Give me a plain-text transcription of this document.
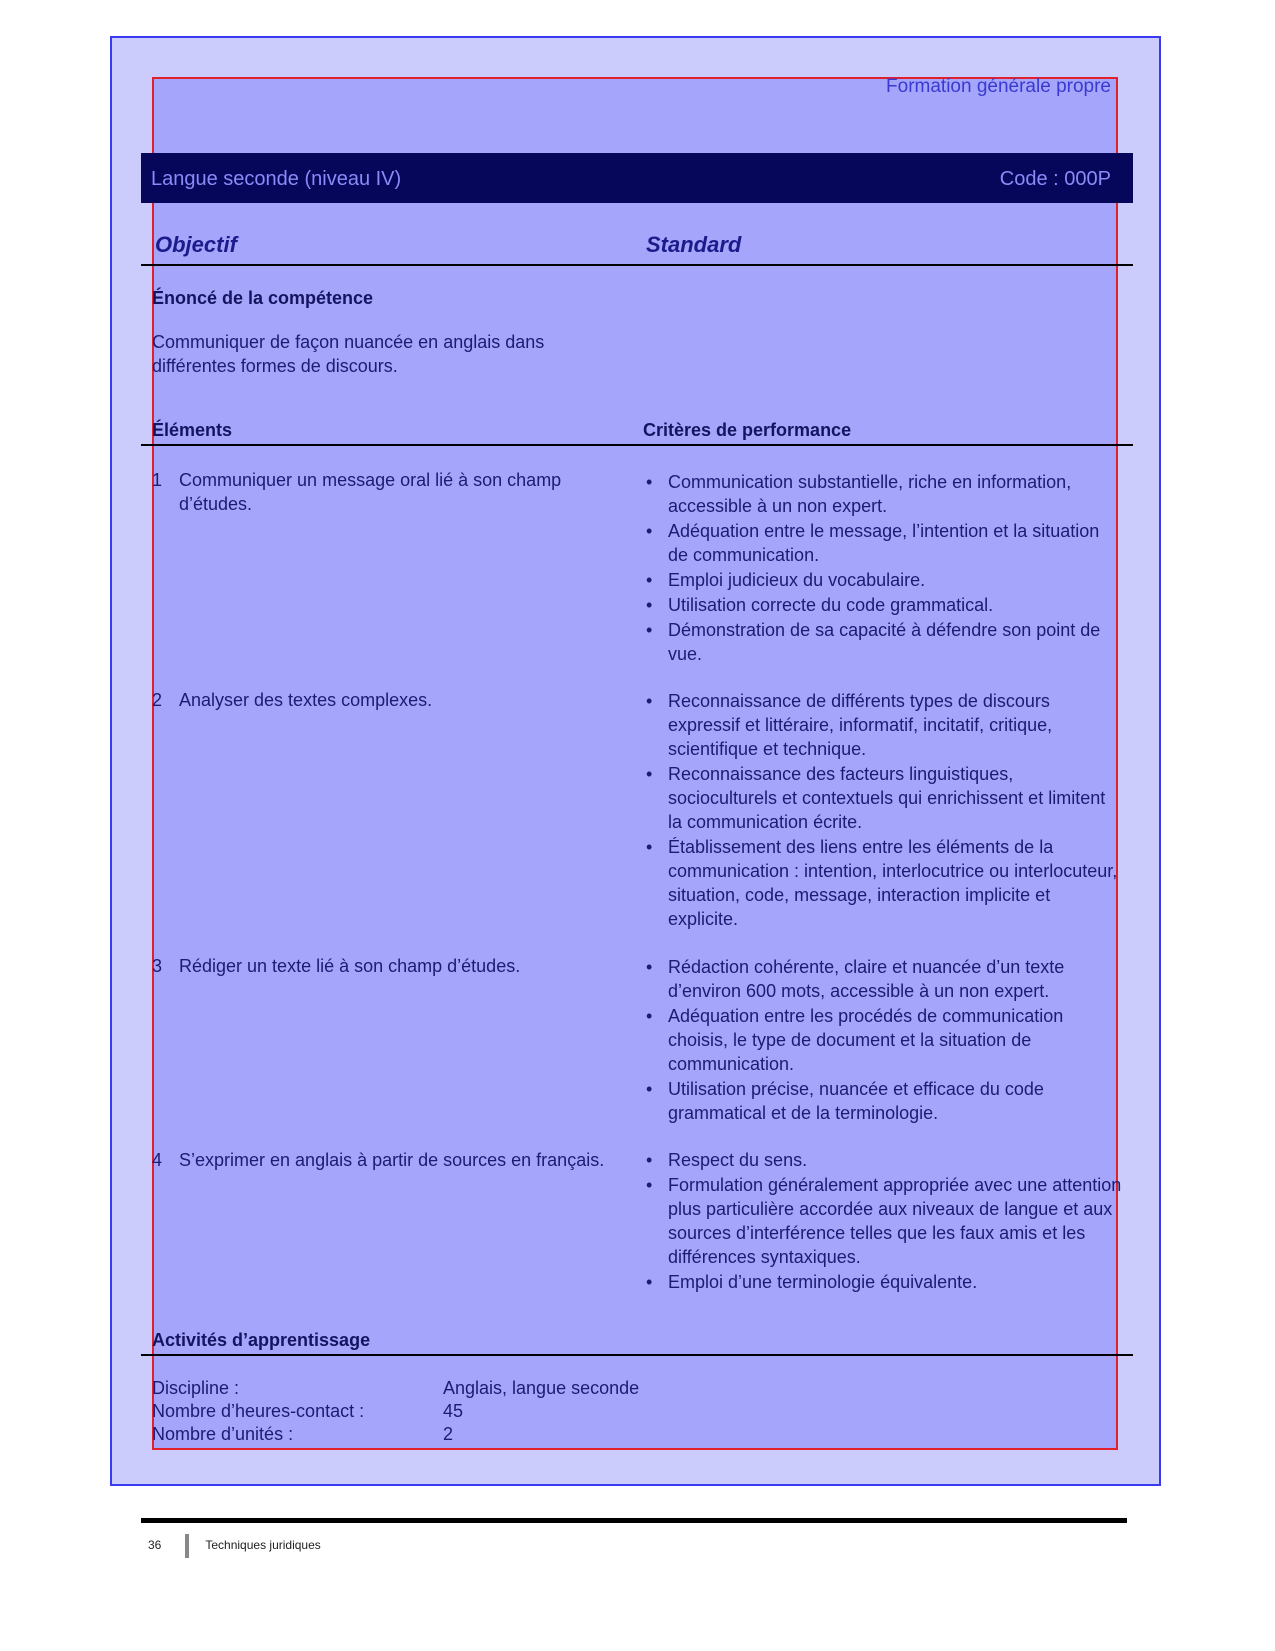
Formation générale propre
Langue seconde (niveau IV)	Code : 000P
Objectif	Standard
Énoncé de la compétence
Communiquer de façon nuancée en anglais dans
différentes formes de discours.
Éléments	Critères de performance
1 Communiquer un message oral lié à son champ d’études.
• Communication substantielle, riche en information, accessible à un non expert.
• Adéquation entre le message, l’intention et la situation de communication.
• Emploi judicieux du vocabulaire.
• Utilisation correcte du code grammatical.
• Démonstration de sa capacité à défendre son point de vue.
2 Analyser des textes complexes.	• Reconnaissance de différents types de discours expressif et littéraire, informatif, incitatif, critique, scientifique et technique.
• Reconnaissance des facteurs linguistiques, socioculturels et contextuels qui enrichissent et limitent la communication écrite.
• Établissement des liens entre les éléments de la communication : intention, interlocutrice ou interlocuteur, situation, code, message, interaction implicite et explicite.
3 Rédiger un texte lié à son champ d’études.	• Rédaction cohérente, claire et nuancée d’un texte d’environ 600 mots, accessible à un non expert.
• Adéquation entre les procédés de communication choisis, le type de document et la situation de communication.
• Utilisation précise, nuancée et efficace du code grammatical et de la terminologie.
4 S’exprimer en anglais à partir de sources en français.	• Respect du sens.
• Formulation généralement appropriée avec une attention plus particulière accordée aux niveaux de langue et aux sources d’interférence telles que les faux amis et les différences syntaxiques.
• Emploi d’une terminologie équivalente.
Activités d’apprentissage
Discipline :	Anglais, langue seconde
Nombre d’heures-contact :	45
Nombre d’unités :	2
36	Techniques juridiques
